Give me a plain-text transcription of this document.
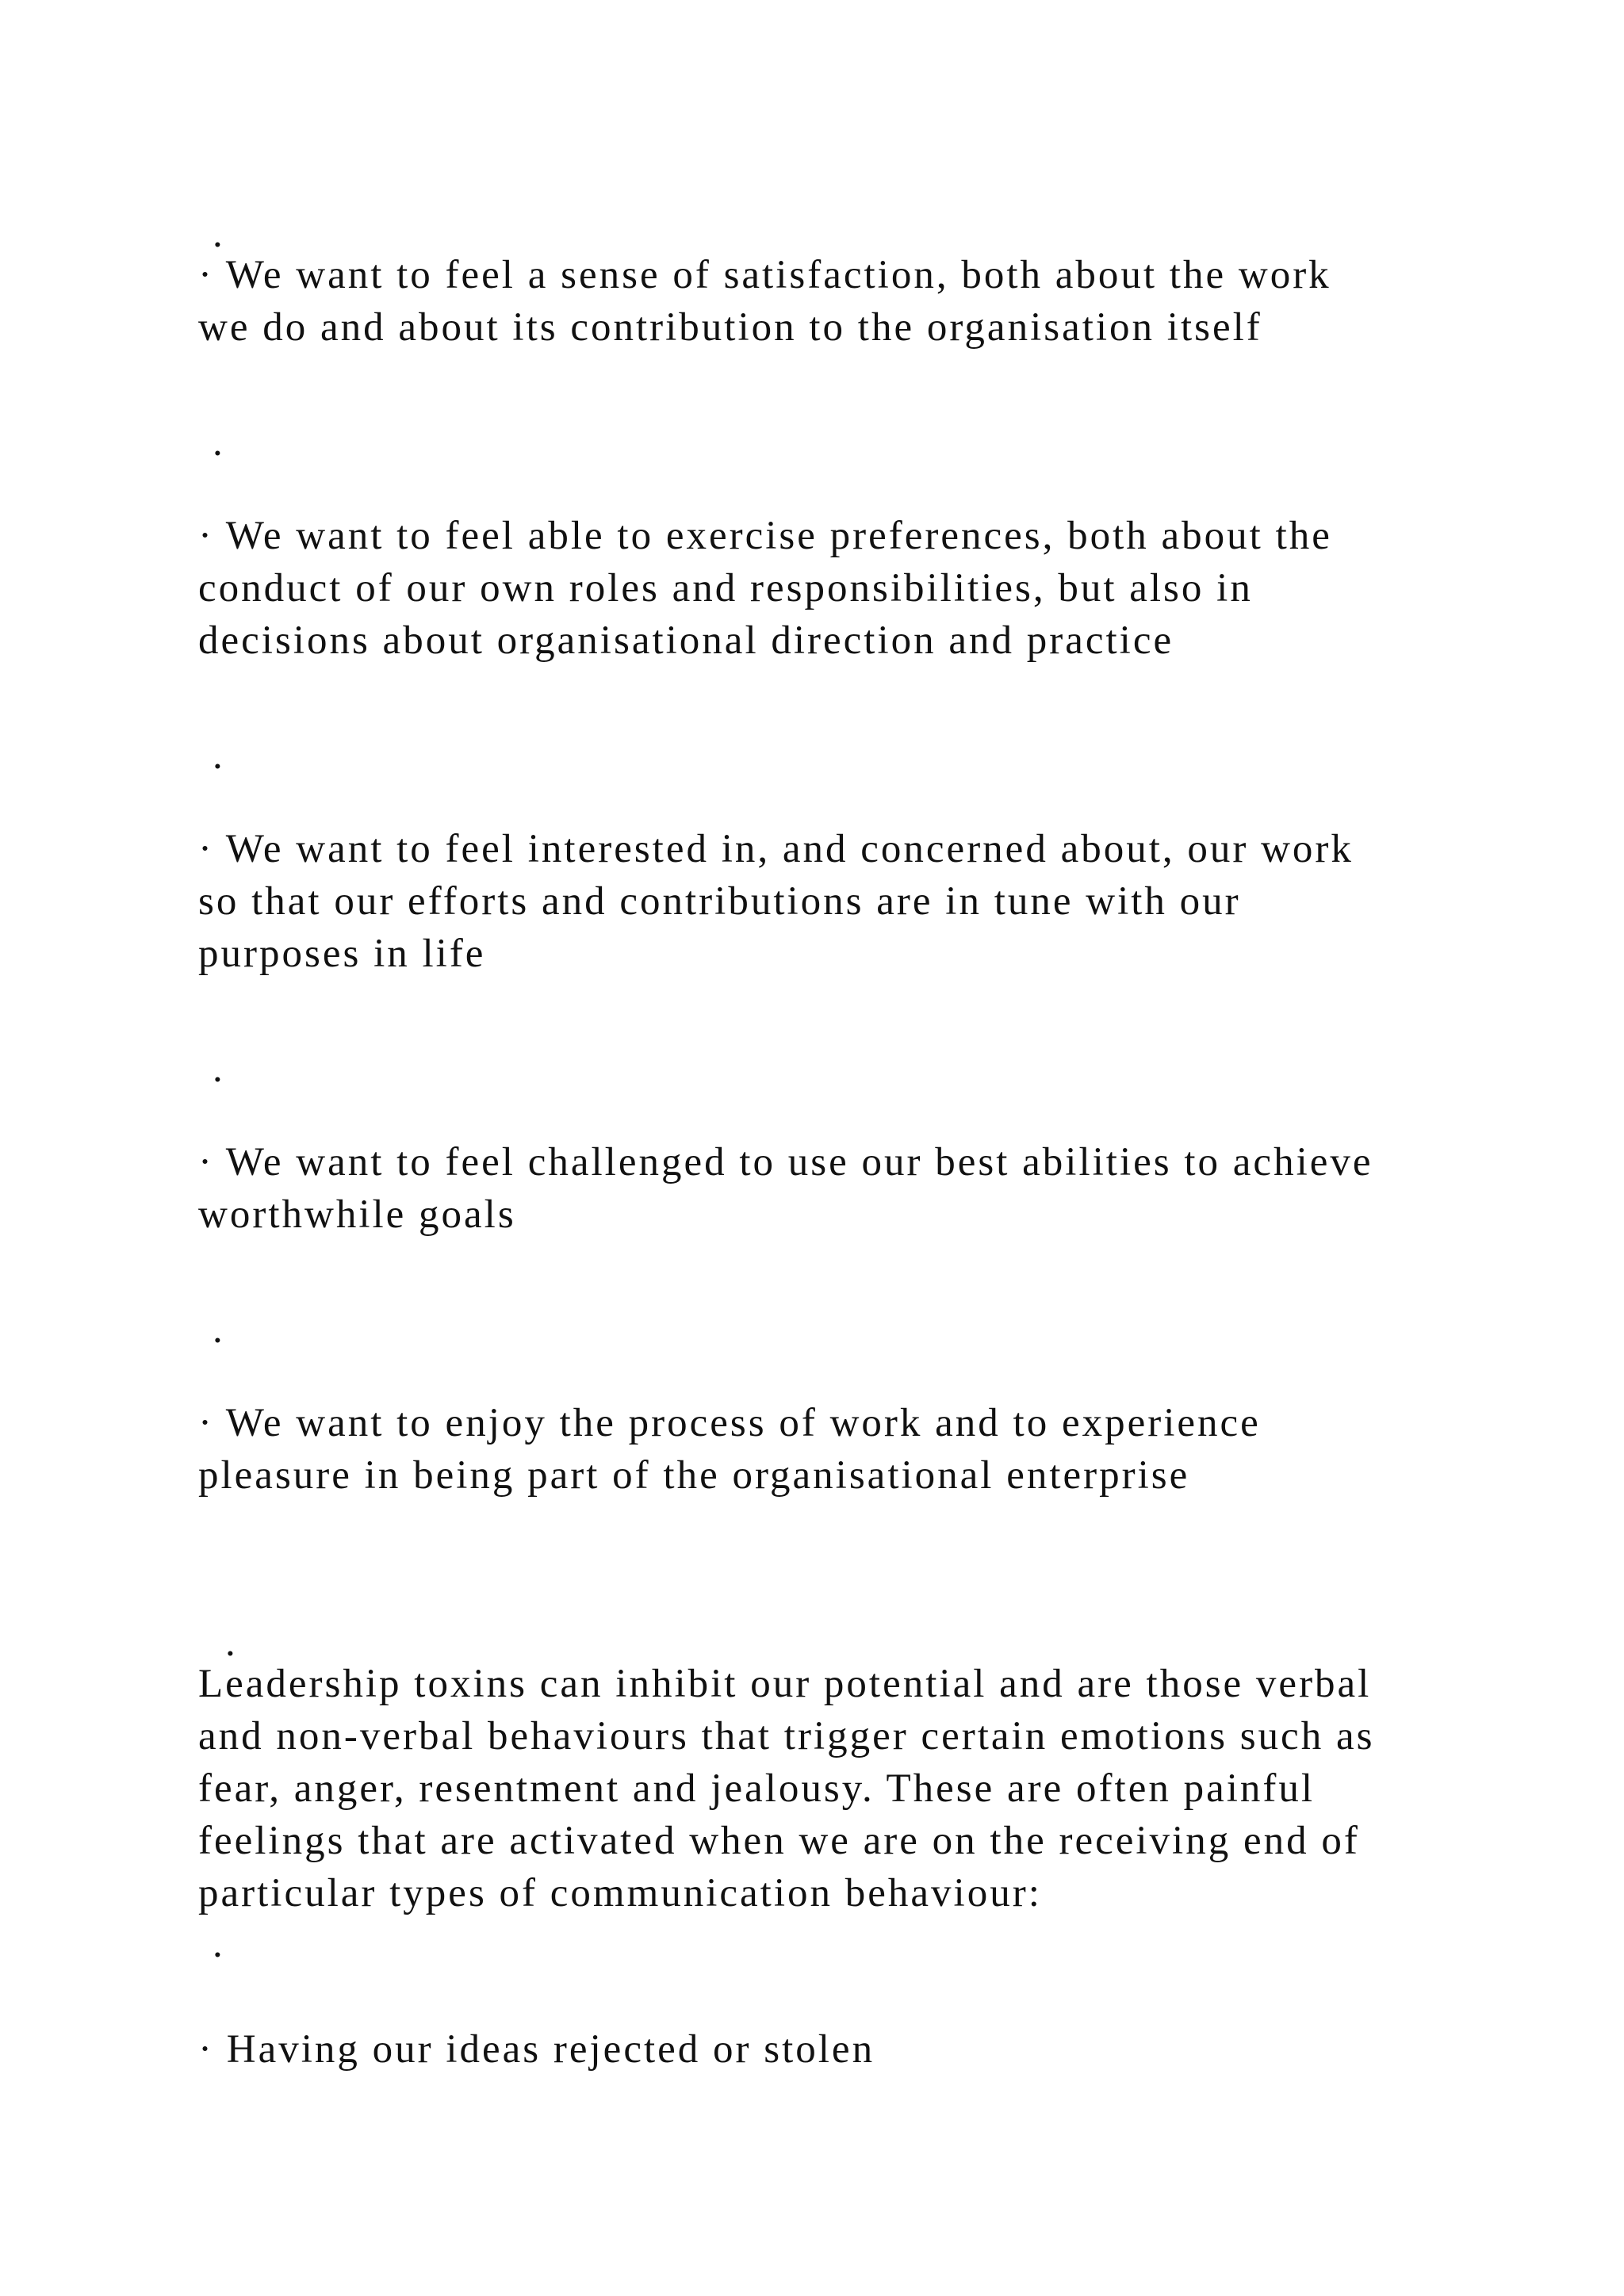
.
· We want to feel a sense of satisfaction, both about the work
we do and about its contribution to the organisation itself
.
· We want to feel able to exercise preferences, both about the
conduct of our own roles and responsibilities, but also in
decisions about organisational direction and practice
.
· We want to feel interested in, and concerned about, our work
so that our efforts and contributions are in tune with our
purposes in life
.
· We want to feel challenged to use our best abilities to achieve
worthwhile goals
.
· We want to enjoy the process of work and to experience
pleasure in being part of the organisational enterprise
.
Leadership toxins can inhibit our potential and are those verbal
and non-verbal behaviours that trigger certain emotions such as
fear, anger, resentment and jealousy. These are often painful
feelings that are activated when we are on the receiving end of
particular types of communication behaviour:
.
· Having our ideas rejected or stolen
